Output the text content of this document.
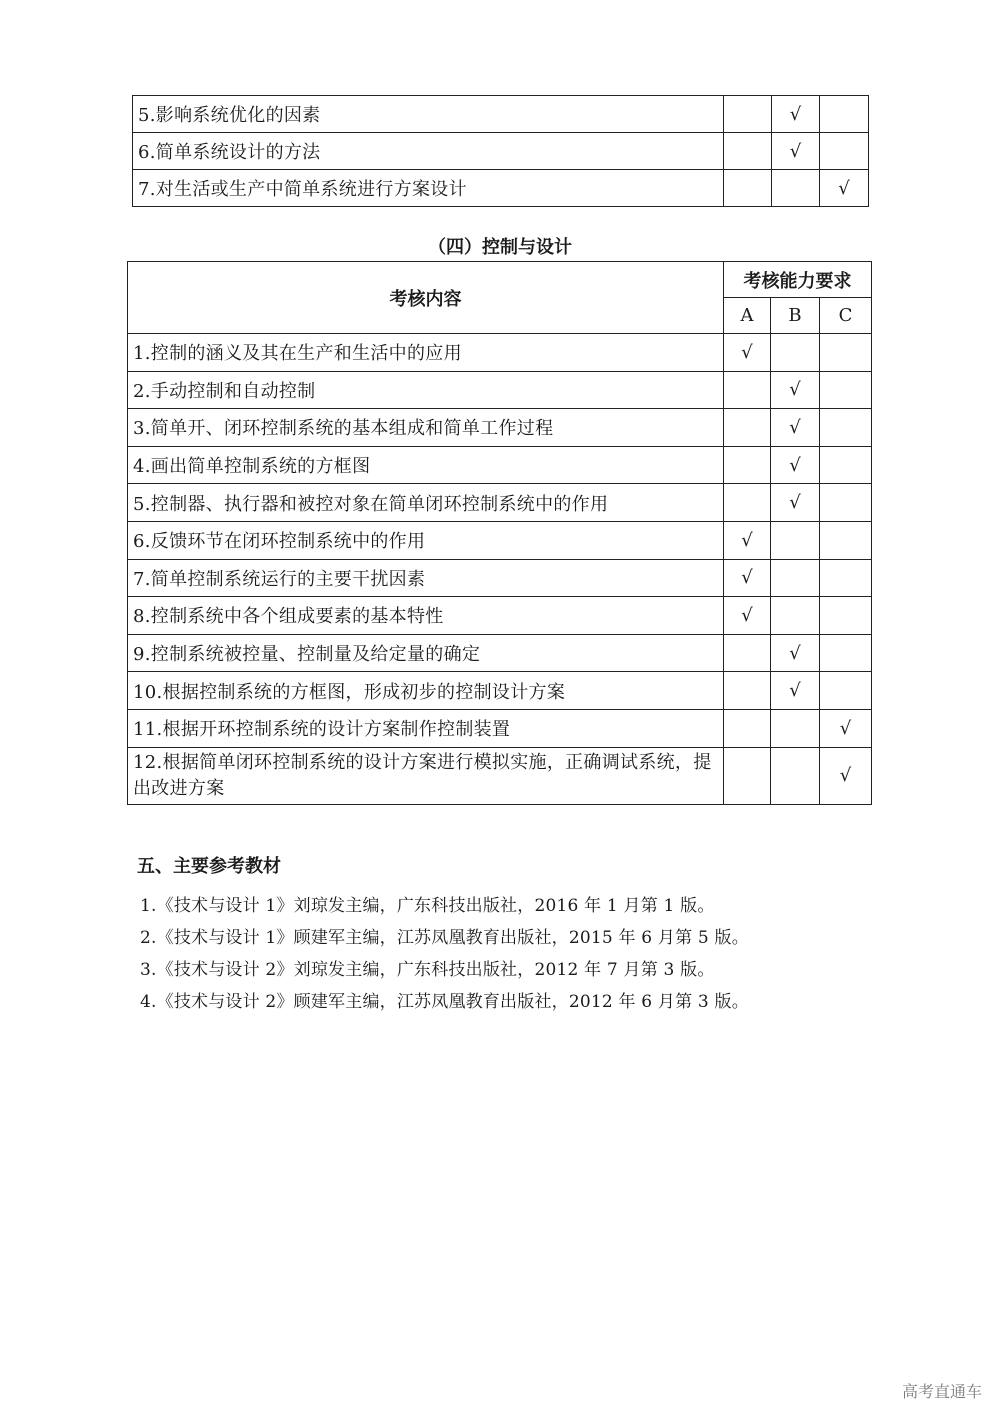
5.影响系统优化的因素		√	
6.简单系统设计的方法		√	
7.对生活或生产中简单系统进行方案设计			√
（四）控制与设计
考核内容	考核能力要求		
	A	B	C
1.控制的涵义及其在生产和生活中的应用	√		
2.手动控制和自动控制		√	
3.简单开、闭环控制系统的基本组成和简单工作过程		√	
4.画出简单控制系统的方框图		√	
5.控制器、执行器和被控对象在简单闭环控制系统中的作用		√	
6.反馈环节在闭环控制系统中的作用	√		
7.简单控制系统运行的主要干扰因素	√		
8.控制系统中各个组成要素的基本特性	√		
9.控制系统被控量、控制量及给定量的确定		√	
10.根据控制系统的方框图，形成初步的控制设计方案		√	
11.根据开环控制系统的设计方案制作控制装置			√
12.根据简单闭环控制系统的设计方案进行模拟实施，正确调试系统，提出改进方案			√
五、主要参考教材
1.《技术与设计 1》刘琼发主编，广东科技出版社，2016 年 1 月第 1 版。
2.《技术与设计 1》顾建军主编，江苏凤凰教育出版社，2015 年 6 月第 5 版。
3.《技术与设计 2》刘琼发主编，广东科技出版社，2012 年 7 月第 3 版。
4.《技术与设计 2》顾建军主编，江苏凤凰教育出版社，2012 年 6 月第 3 版。
高考直通车
